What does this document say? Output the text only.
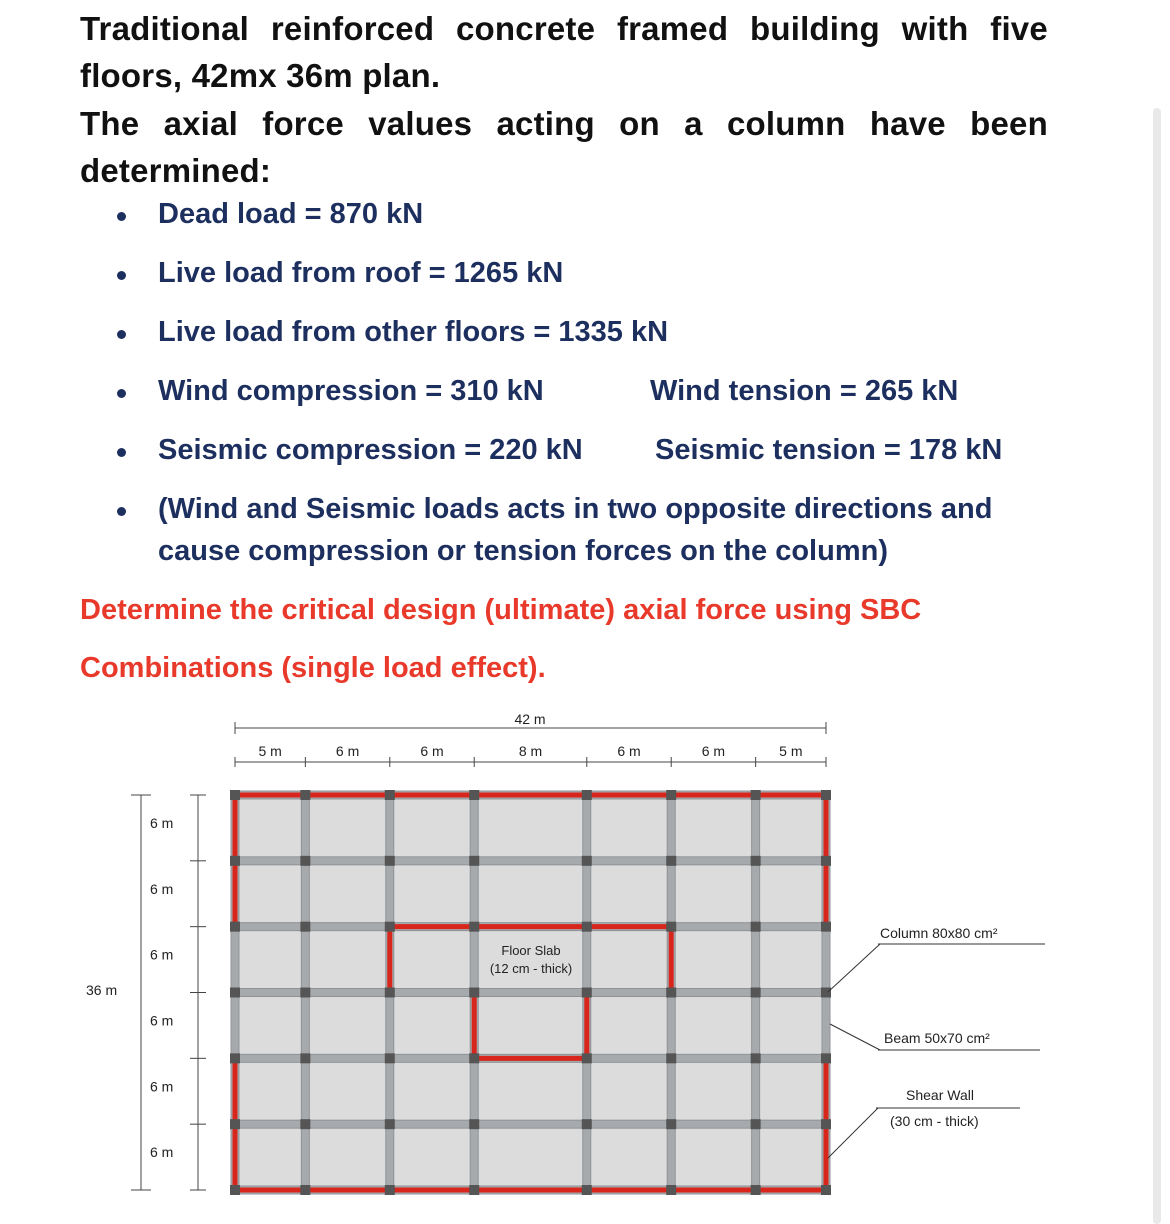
Traditional reinforced concrete framed building with five
floors, 42mx 36m plan.
The axial force values acting on a column have been
determined:
Dead load = 870 kN
Live load from roof = 1265 kN
Live load from other floors = 1335 kN
Wind compression = 310 kN	Wind tension = 265 kN
Seismic compression = 220 kN Seismic tension = 178 kN
(Wind and Seismic loads acts in two opposite directions and
cause compression or tension forces on the column)
Determine the critical design (ultimate) axial force using SBC
Combinations (single load effect).
42 m
36 m
5 m	6 m	6 m	8 m	6 m	6 m	5 m
6 m
6 m
6 m
6 m
6 m
6 m
Floor Slab
(12 cm - thick)
Column 80x80 cm²
Beam 50x70 cm²
Shear Wall
(30 cm - thick)
